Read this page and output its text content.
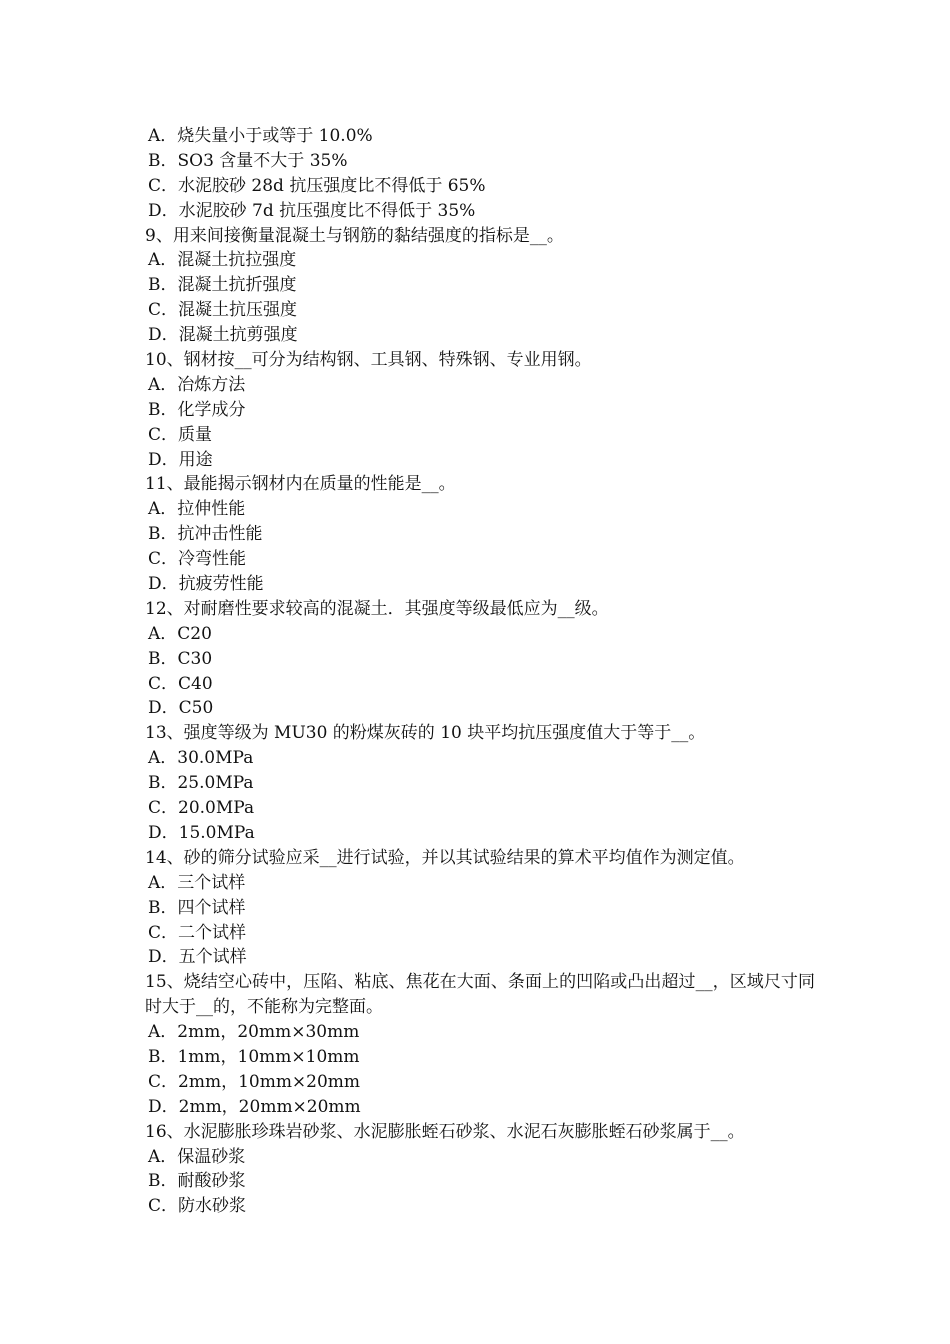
A．烧失量小于或等于 10.0%
B．SO3 含量不大于 35%
C．水泥胶砂 28d 抗压强度比不得低于 65%
D．水泥胶砂 7d 抗压强度比不得低于 35%
9、用来间接衡量混凝土与钢筋的黏结强度的指标是__。
A．混凝土抗拉强度
B．混凝土抗折强度
C．混凝土抗压强度
D．混凝土抗剪强度
10、钢材按__可分为结构钢、工具钢、特殊钢、专业用钢。
A．冶炼方法
B．化学成分
C．质量
D．用途
11、最能揭示钢材内在质量的性能是__。
A．拉伸性能
B．抗冲击性能
C．冷弯性能
D．抗疲劳性能
12、对耐磨性要求较高的混凝土．其强度等级最低应为__级。
A．C20
B．C30
C．C40
D．C50
13、强度等级为 MU30 的粉煤灰砖的 10 块平均抗压强度值大于等于__。
A．30.0MPa
B．25.0MPa
C．20.0MPa
D．15.0MPa
14、砂的筛分试验应采__进行试验，并以其试验结果的算术平均值作为测定值。
A．三个试样
B．四个试样
C．二个试样
D．五个试样
15、烧结空心砖中，压陷、粘底、焦花在大面、条面上的凹陷或凸出超过__，区域尺寸同时大于__的，不能称为完整面。
A．2mm，20mm×30mm
B．1mm，10mm×10mm
C．2mm，10mm×20mm
D．2mm，20mm×20mm
16、水泥膨胀珍珠岩砂浆、水泥膨胀蛭石砂浆、水泥石灰膨胀蛭石砂浆属于__。
A．保温砂浆
B．耐酸砂浆
C．防水砂浆
